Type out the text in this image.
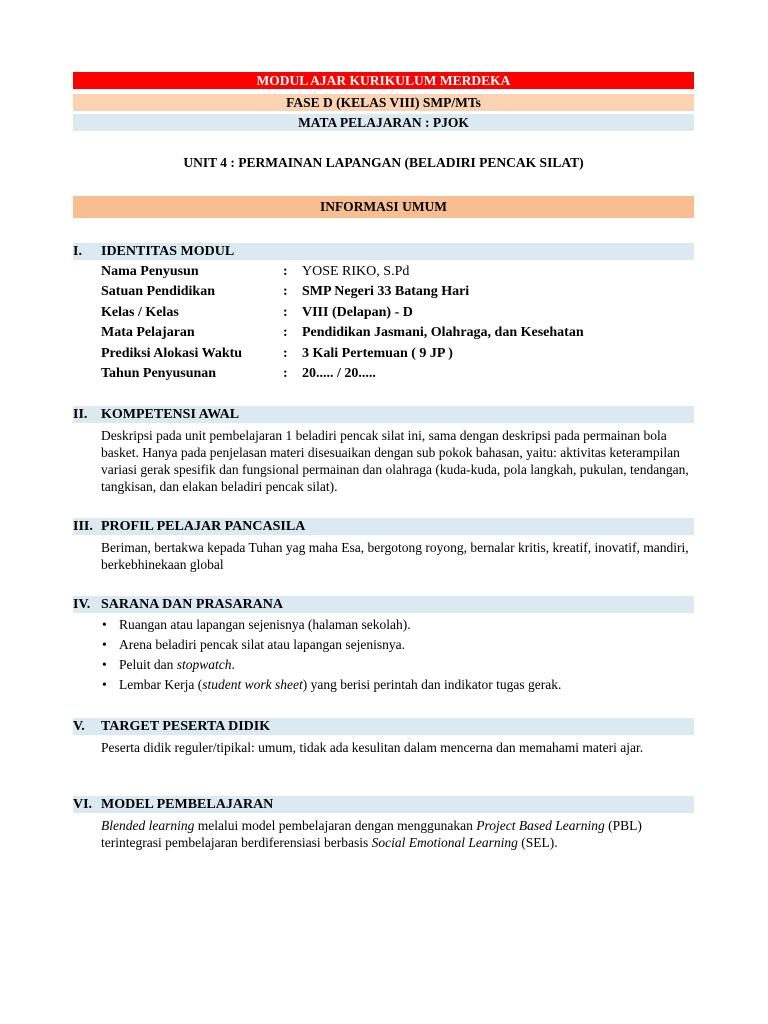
MODUL AJAR KURIKULUM MERDEKA
FASE D (KELAS VIII) SMP/MTs
MATA PELAJARAN : PJOK
UNIT 4 : PERMAINAN LAPANGAN (BELADIRI PENCAK SILAT)
INFORMASI UMUM
I. IDENTITAS MODUL
Nama Penyusun	: YOSE RIKO, S.Pd
Satuan Pendidikan	: SMP Negeri 33 Batang Hari
Kelas / Kelas	: VIII (Delapan) - D
Mata Pelajaran	: Pendidikan Jasmani, Olahraga, dan Kesehatan
Prediksi Alokasi Waktu	: 3 Kali Pertemuan ( 9 JP )
Tahun Penyusunan	: 20..... / 20.....
II. KOMPETENSI AWAL

Deskripsi pada unit pembelajaran 1 beladiri pencak silat ini, sama dengan deskripsi pada permainan bola basket. Hanya pada penjelasan materi disesuaikan dengan sub pokok bahasan, yaitu: aktivitas keterampilan variasi gerak spesifik dan fungsional permainan dan olahraga (kuda-kuda, pola langkah, pukulan, tendangan, tangkisan, dan elakan beladiri pencak silat).

III. PROFIL PELAJAR PANCASILA

Beriman, bertakwa kepada Tuhan yag maha Esa, bergotong royong, bernalar kritis, kreatif, inovatif, mandiri, berkebhinekaan global

IV. SARANA DAN PRASARANA
• Ruangan atau lapangan sejenisnya (halaman sekolah).
• Arena beladiri pencak silat atau lapangan sejenisnya.
• Peluit dan stopwatch.
• Lembar Kerja (student work sheet) yang berisi perintah dan indikator tugas gerak.
V. TARGET PESERTA DIDIK

Peserta didik reguler/tipikal: umum, tidak ada kesulitan dalam mencerna dan memahami materi ajar.

VI. MODEL PEMBELAJARAN

Blended learning melalui model pembelajaran dengan menggunakan Project Based Learning (PBL) terintegrasi pembelajaran berdiferensiasi berbasis Social Emotional Learning (SEL).
